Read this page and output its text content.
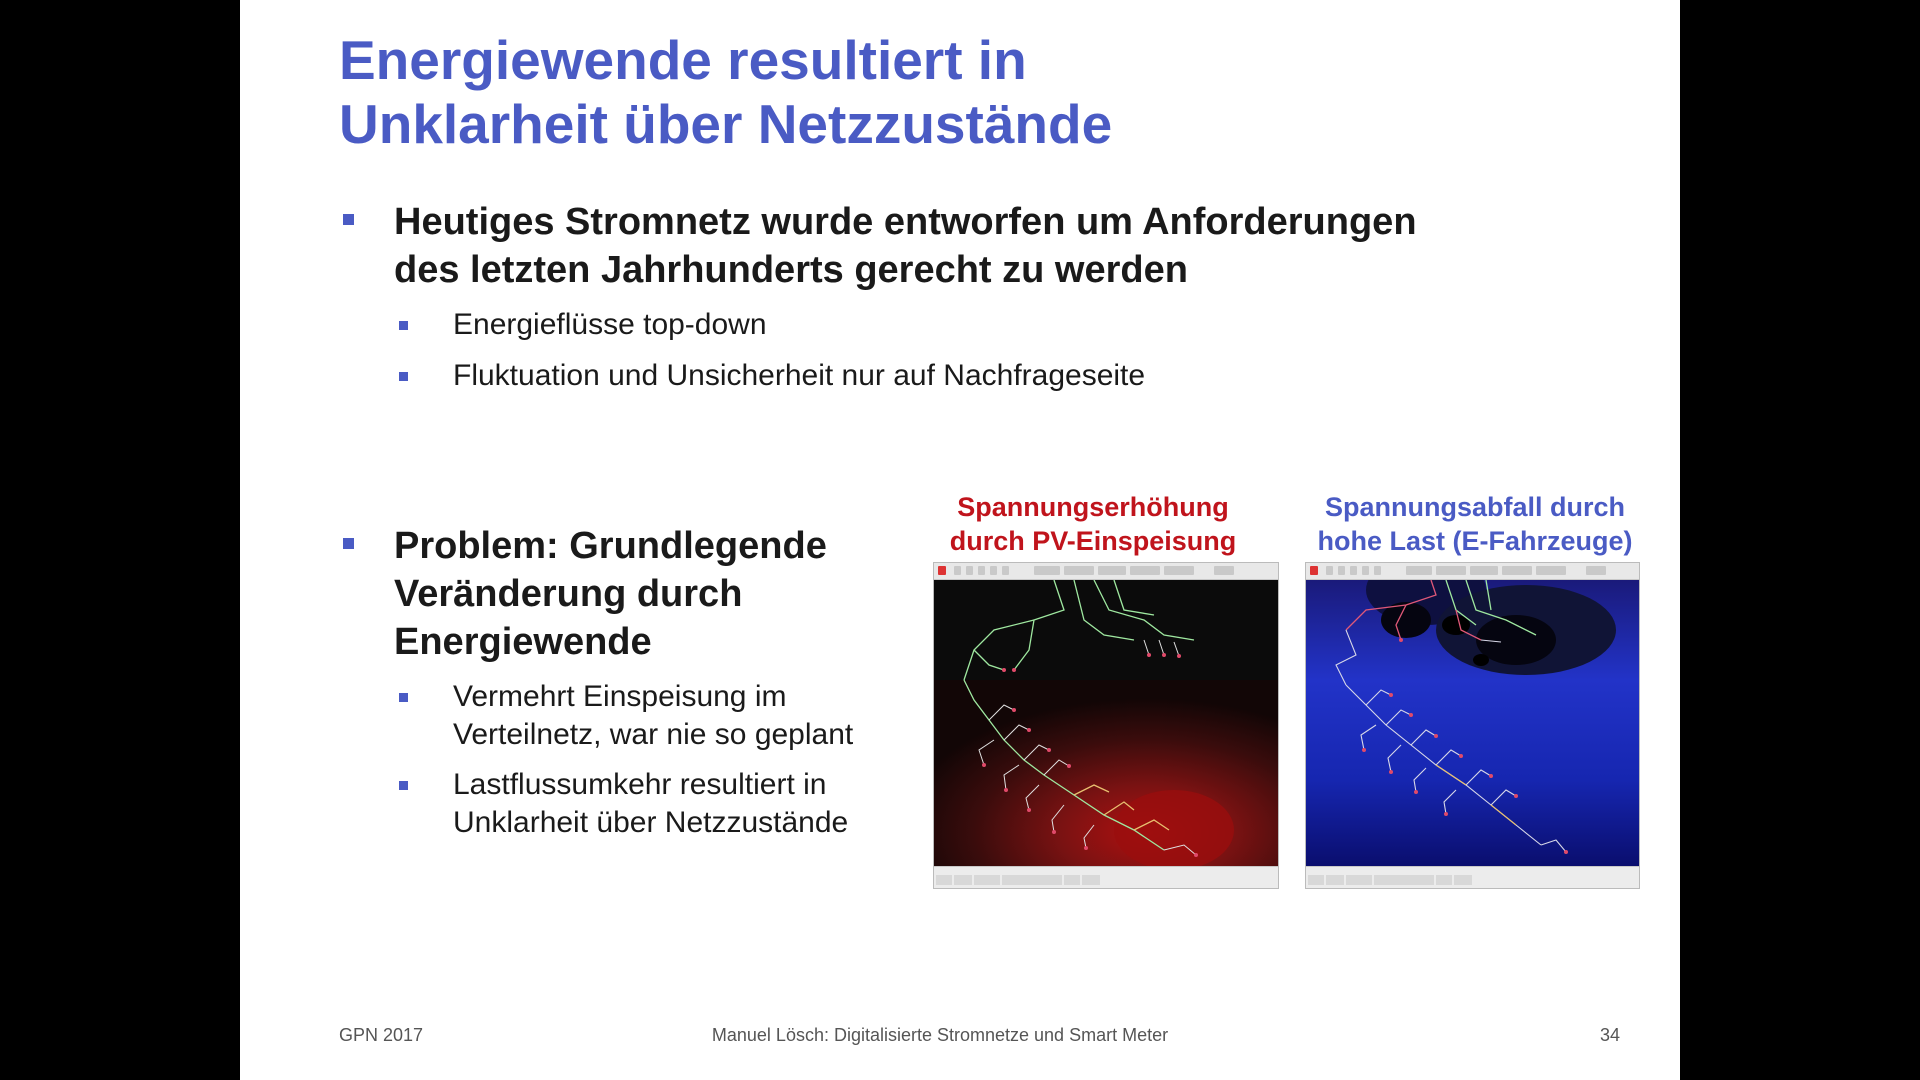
Energiewende resultiert in
Unklarheit über Netzzustände
Heutiges Stromnetz wurde entworfen um Anforderungen
des letzten Jahrhunderts gerecht zu werden
Energieflüsse top-down
Fluktuation und Unsicherheit nur auf Nachfrageseite
Problem: Grundlegende
Veränderung durch
Energiewende
Vermehrt Einspeisung im
Verteilnetz, war nie so geplant
Lastflussumkehr resultiert in
Unklarheit über Netzzustände
Spannungserhöhung
durch PV-Einspeisung
Spannungsabfall durch
hohe Last (E-Fahrzeuge)
GPN 2017	Manuel Lösch: Digitalisierte Stromnetze und Smart Meter	34
